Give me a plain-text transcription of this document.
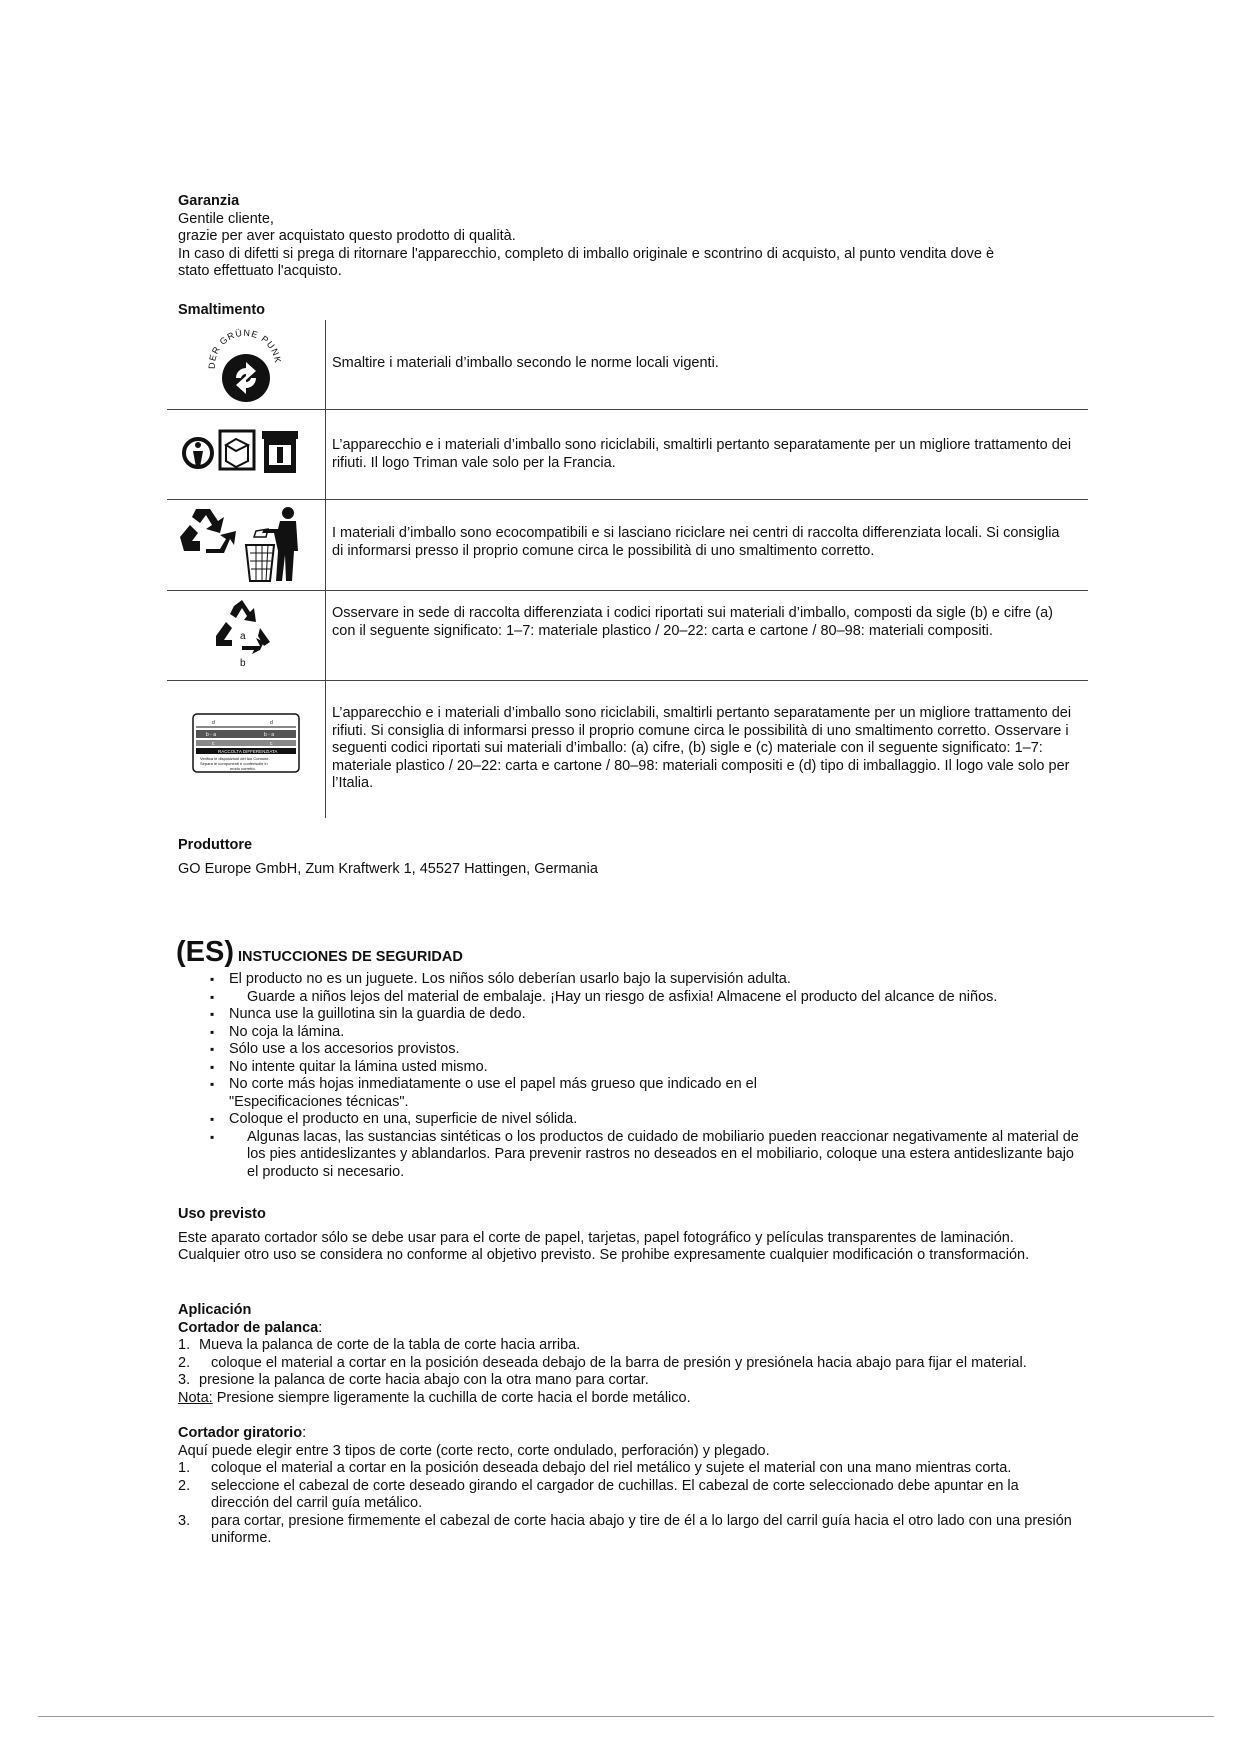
Garanzia
Gentile cliente,
grazie per aver acquistato questo prodotto di qualità.
In caso di difetti si prega di ritornare l'apparecchio, completo di imballo originale e scontrino di acquisto, al punto vendita dove è
stato effettuato l'acquisto.
Smaltimento
DER GRÜNE PUNK	Smaltire i materiali d’imballo secondo le norme locali vigenti.
L’apparecchio e i materiali d’imballo sono riciclabili, smaltirli pertanto separatamente per un migliore trattamento dei rifiuti. Il logo Triman vale solo per la Francia.
I materiali d’imballo sono ecocompatibili e si lasciano riciclare nei centri di raccolta differenziata locali. Si consiglia di informarsi presso il proprio comune circa le possibilità di uno smaltimento corretto.
a
b
Osservare in sede di raccolta differenziata i codici riportati sui materiali d’imballo, composti da sigle (b) e cifre (a) con il seguente significato: 1–7: materiale plastico / 20–22: carta e cartone / 80–98: materiali compositi.
d	d
b - a	b - a
c	c
RACCOLTA DIFFERENZIATA
Verifica le disposizioni del tuo Comune.
Separa le componenti e conferiscile in
modo corretto.
L’apparecchio e i materiali d’imballo sono riciclabili, smaltirli pertanto separatamente per un migliore trattamento dei rifiuti. Si consiglia di informarsi presso il proprio comune circa le possibilità di uno smaltimento corretto. Osservare i seguenti codici riportati sui materiali d’imballo: (a) cifre, (b) sigle e (c) materiale con il seguente significato: 1–7: materiale plastico / 20–22: carta e cartone / 80–98: materiali compositi e (d) tipo di imballaggio. Il logo vale solo per l’Italia.
Produttore
GO Europe GmbH, Zum Kraftwerk 1, 45527 Hattingen, Germania
(ES) INSTUCCIONES DE SEGURIDAD
▪ El producto no es un juguete. Los niños sólo deberían usarlo bajo la supervisión adulta.
▪ Guarde a niños lejos del material de embalaje. ¡Hay un riesgo de asfixia! Almacene el producto del alcance de niños.
▪ Nunca use la guillotina sin la guardia de dedo.
▪ No coja la lámina.
▪ Sólo use a los accesorios provistos.
▪ No intente quitar la lámina usted mismo.
▪ No corte más hojas inmediatamente o use el papel más grueso que indicado en el "Especificaciones técnicas".
▪ Coloque el producto en una, superficie de nivel sólida.
▪ Algunas lacas, las sustancias sintéticas o los productos de cuidado de mobiliario pueden reaccionar negativamente al material de los pies antideslizantes y ablandarlos. Para prevenir rastros no deseados en el mobiliario, coloque una estera antideslizante bajo el producto si necesario.
Uso previsto
Este aparato cortador sólo se debe usar para el corte de papel, tarjetas, papel fotográfico y películas transparentes de laminación. Cualquier otro uso se considera no conforme al objetivo previsto. Se prohibe expresamente cualquier modificación o transformación.
Aplicación
Cortador de palanca:
1. Mueva la palanca de corte de la tabla de corte hacia arriba.
2. coloque el material a cortar en la posición deseada debajo de la barra de presión y presiónela hacia abajo para fijar el material.
3. presione la palanca de corte hacia abajo con la otra mano para cortar.
Nota: Presione siempre ligeramente la cuchilla de corte hacia el borde metálico.
Cortador giratorio:
Aquí puede elegir entre 3 tipos de corte (corte recto, corte ondulado, perforación) y plegado.
1. coloque el material a cortar en la posición deseada debajo del riel metálico y sujete el material con una mano mientras corta.
2. seleccione el cabezal de corte deseado girando el cargador de cuchillas. El cabezal de corte seleccionado debe apuntar en la dirección del carril guía metálico.
3. para cortar, presione firmemente el cabezal de corte hacia abajo y tire de él a lo largo del carril guía hacia el otro lado con una presión uniforme.
